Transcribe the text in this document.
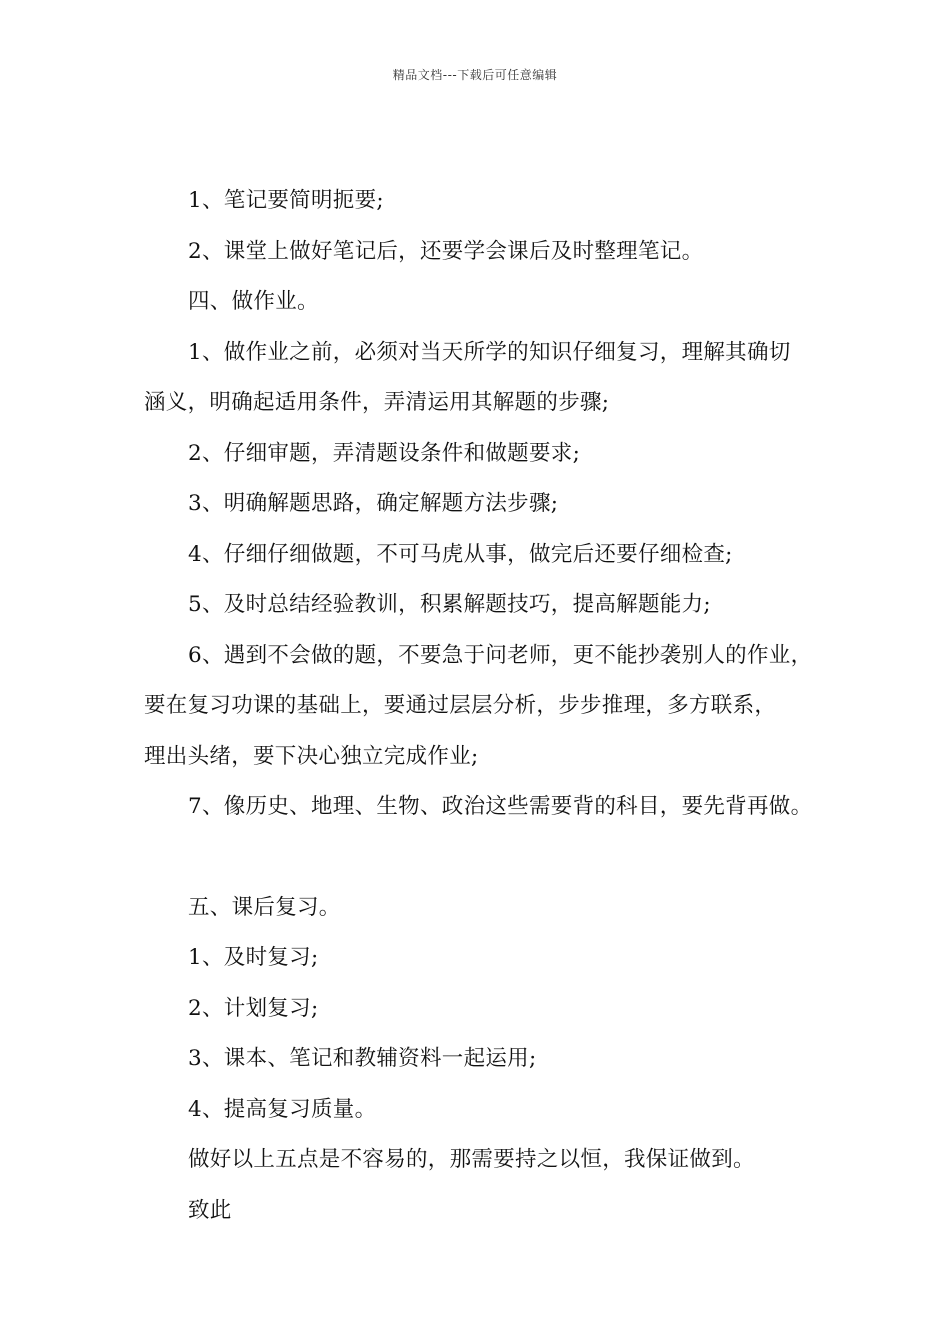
精品文档---下载后可任意编辑
1、笔记要简明扼要;
2、课堂上做好笔记后，还要学会课后及时整理笔记。
四、做作业。
1、做作业之前，必须对当天所学的知识仔细复习，理解其确切
涵义，明确起适用条件，弄清运用其解题的步骤;
2、仔细审题，弄清题设条件和做题要求;
3、明确解题思路，确定解题方法步骤;
4、仔细仔细做题，不可马虎从事，做完后还要仔细检查;
5、及时总结经验教训，积累解题技巧，提高解题能力;
6、遇到不会做的题，不要急于问老师，更不能抄袭别人的作业，
要在复习功课的基础上，要通过层层分析，步步推理，多方联系，
理出头绪，要下决心独立完成作业;
7、像历史、地理、生物、政治这些需要背的科目，要先背再做。
五、课后复习。
1、及时复习;
2、计划复习;
3、课本、笔记和教辅资料一起运用;
4、提高复习质量。
做好以上五点是不容易的，那需要持之以恒，我保证做到。
致此
